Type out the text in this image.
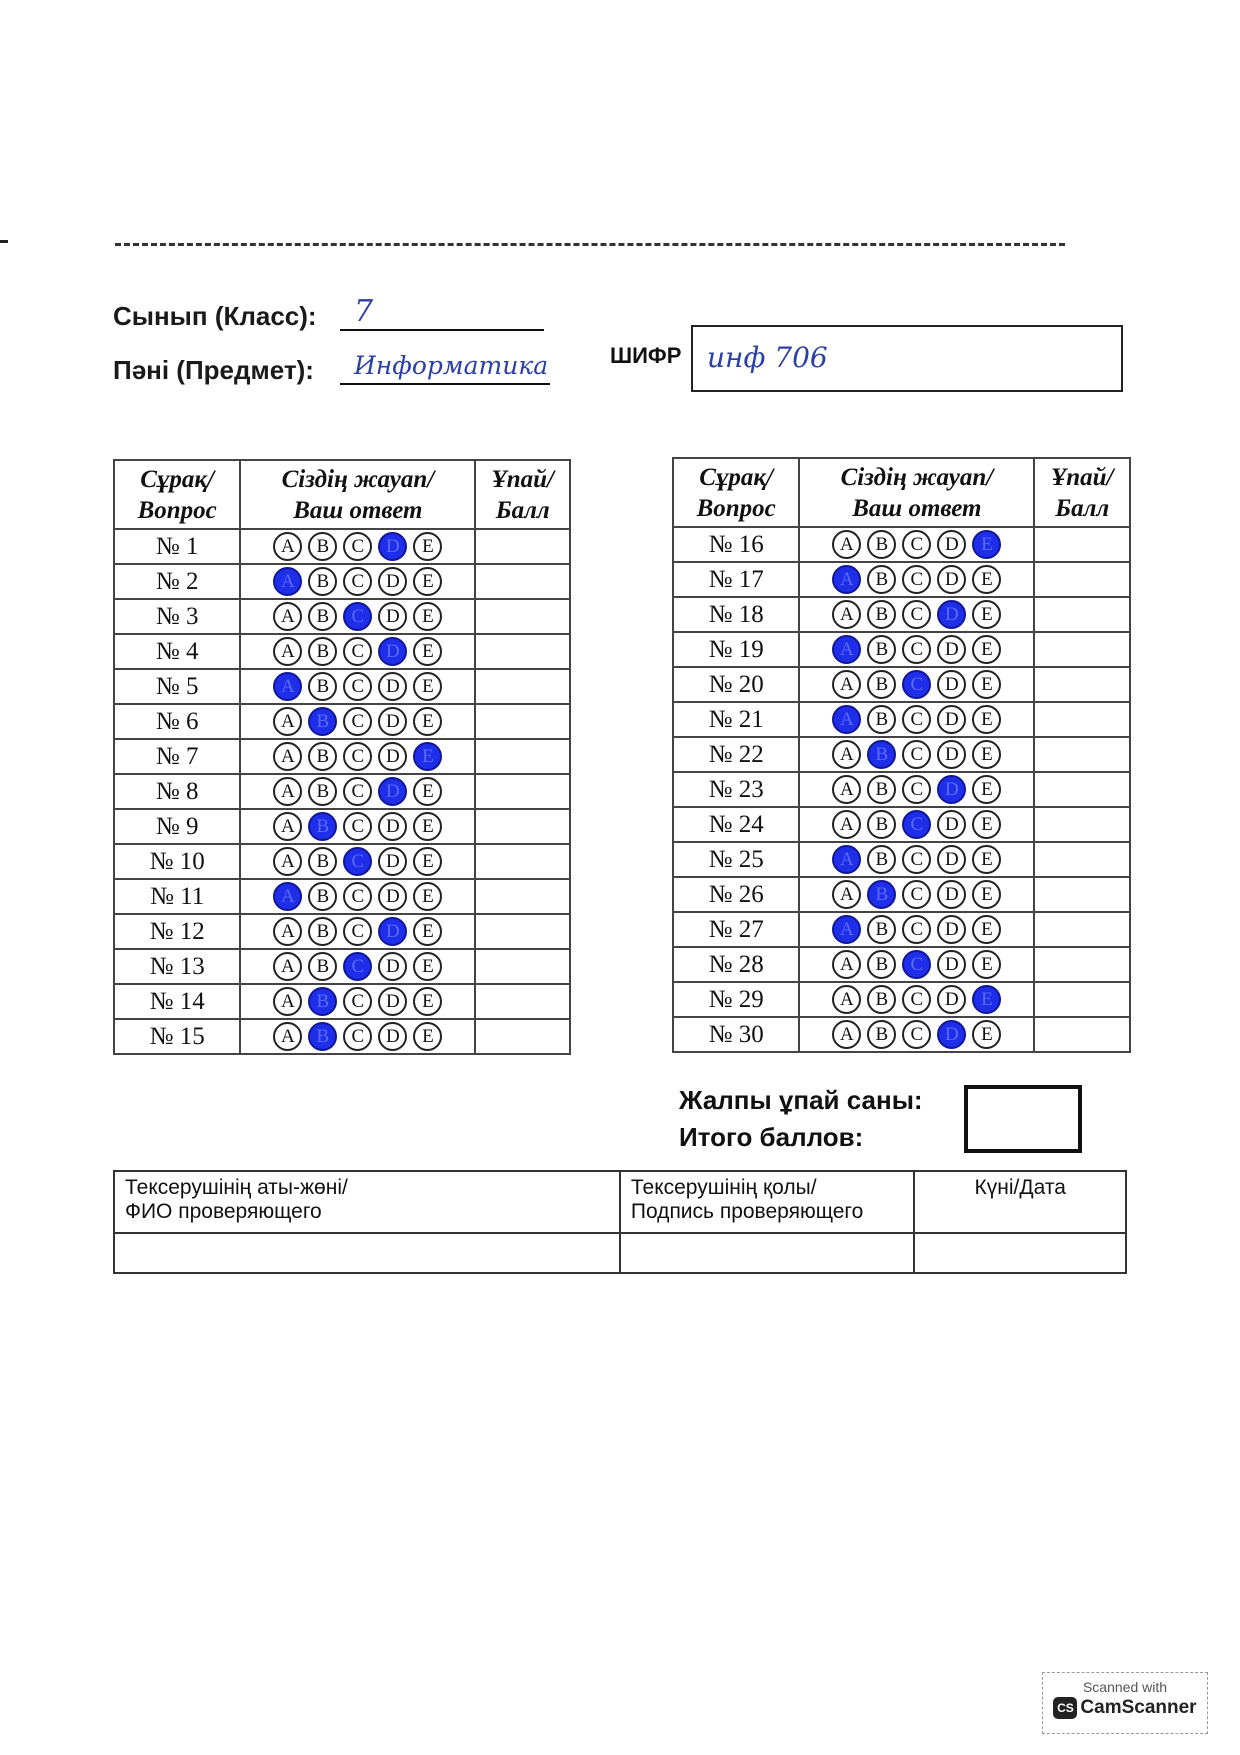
Сынып (Класс):	7
Пәні (Предмет):	Информатика	ШИФР инф 706
Сұрақ/
Вопрос	Сіздің жауап/
Ваш ответ	Ұпай/
Балл
№ 1	A B C D E	
№ 2	A B C D E	
№ 3	A B C D E	
№ 4	A B C D E	
№ 5	A B C D E	
№ 6	A B C D E	
№ 7	A B C D E	
№ 8	A B C D E	
№ 9	A B C D E	
№ 10	A B C D E	
№ 11	A B C D E	
№ 12	A B C D E	
№ 13	A B C D E	
№ 14	A B C D E	
№ 15	A B C D E	
Сұрақ/
Вопрос	Сіздің жауап/
Ваш ответ	Ұпай/
Балл
№ 16	A B C D E	
№ 17	A B C D E	
№ 18	A B C D E	
№ 19	A B C D E	
№ 20	A B C D E	
№ 21	A B C D E	
№ 22	A B C D E	
№ 23	A B C D E	
№ 24	A B C D E	
№ 25	A B C D E	
№ 26	A B C D E	
№ 27	A B C D E	
№ 28	A B C D E	
№ 29	A B C D E	
№ 30	A B C D E	
Жалпы ұпай саны:
Итого баллов:
Тексерушінің аты-жөні/
ФИО проверяющего	Тексерушінің қолы/
Подпись проверяющего	Күні/Дата

Scanned with
CS CamScanner
